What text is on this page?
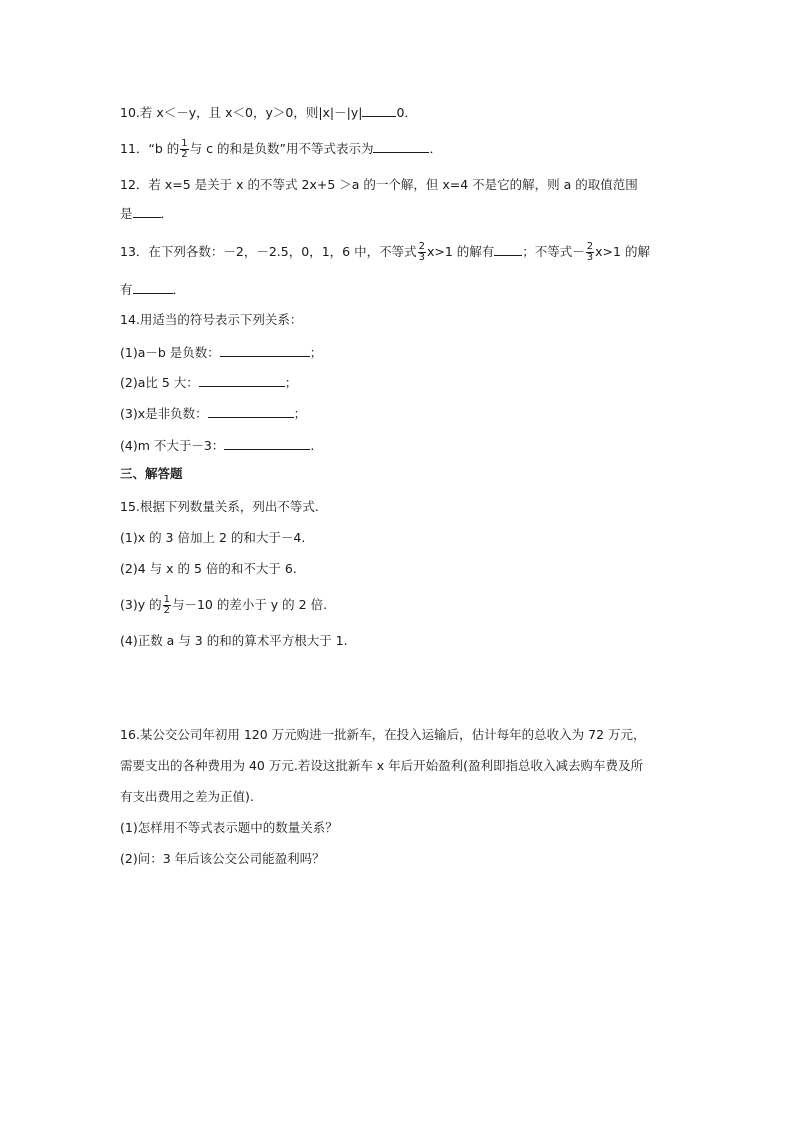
10.若 x＜－y，且 x＜0，y＞0，则|x|－|y|	0．
11．“b 的 $\frac{1}{2}$ 与 c 的和是负数”用不等式表示为	．
12．若 x=5 是关于 x 的不等式 2x+5 ＞a 的一个解，但 x=4 不是它的解，则 a 的取值范围
是 ．
13．在下列各数：－2，－2.5，0，1，6 中，不等式 $\frac{2}{3} x>1$ 的解有 ；不等式－ $\frac{2}{3} x>1$ 的解
有	．
14.用适当的符号表示下列关系：
(1)a－b 是负数：	；
(2)a比 5 大：	；
(3)x是非负数：	；
(4)m 不大于－3：	.
三、解答题
15.根据下列数量关系，列出不等式.
(1)x 的 3 倍加上 2 的和大于－4.
(2)4 与 x 的 5 倍的和不大于 6.
(3)y 的 $\frac{1}{2}$ 与－10 的差小于 y 的 2 倍.
(4)正数 a 与 3 的和的算术平方根大于 1.
16.某公交公司年初用 120 万元购进一批新车，在投入运输后，估计每年的总收入为 72 万元，
需要支出的各种费用为 40 万元.若设这批新车 x 年后开始盈利(盈利即指总收入减去购车费及所
有支出费用之差为正值).
(1)怎样用不等式表示题中的数量关系？
(2)问：3 年后该公交公司能盈利吗？
